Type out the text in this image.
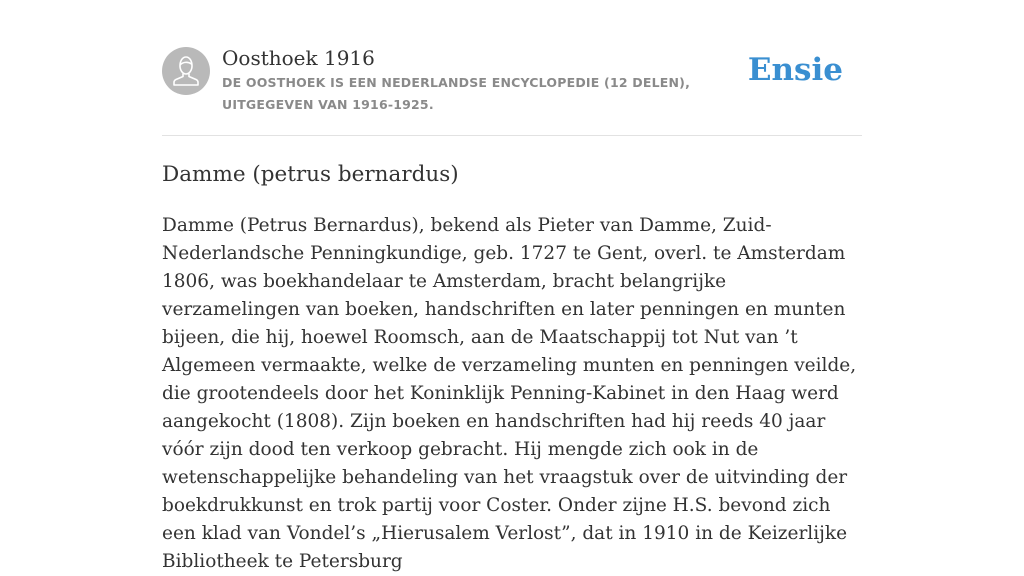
Oosthoek 1916
DE OOSTHOEK IS EEN NEDERLANDSE ENCYCLOPEDIE (12 DELEN), UITGEGEVEN VAN 1916-1925.
Ensie
Damme (petrus bernardus)

Damme (Petrus Bernardus), bekend als Pieter van Damme, Zuid-Nederlandsche Penningkundige, geb. 1727 te Gent, overl. te Amsterdam 1806, was boekhandelaar te Amsterdam, bracht belangrijke verzamelingen van boeken, handschriften en later penningen en munten bijeen, die hij, hoewel Roomsch, aan de Maatschappij tot Nut van ’t Algemeen vermaakte, welke de verzameling munten en penningen veilde, die grootendeels door het Koninklijk Penning-Kabinet in den Haag werd aangekocht (1808). Zijn boeken en handschriften had hij reeds 40 jaar vóór zijn dood ten verkoop gebracht. Hij mengde zich ook in de wetenschappelijke behandeling van het vraagstuk over de uitvinding der boekdrukkunst en trok partij voor Coster. Onder zijne H.S. bevond zich een klad van Vondel’s „Hierusalem Verlost”, dat in 1910 in de Keizerlijke Bibliotheek te Petersburg
